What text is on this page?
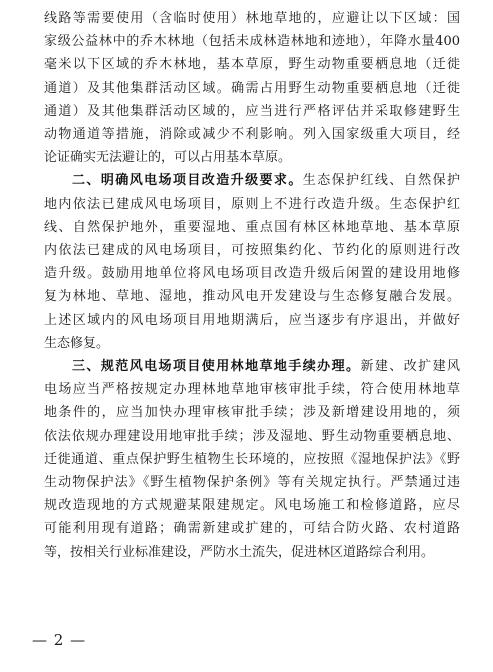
线路等需要使用（含临时使用）林地草地的，应避让以下区域：国
家级公益林中的乔木林地（包括未成林造林地和迹地），年降水量400
毫米以下区域的乔木林地，基本草原，野生动物重要栖息地（迁徙
通道）及其他集群活动区域。确需占用野生动物重要栖息地（迁徙
通道）及其他集群活动区域的，应当进行严格评估并采取修建野生
动物通道等措施，消除或减少不利影响。列入国家级重大项目，经
论证确实无法避让的，可以占用基本草原。
二、明确风电场项目改造升级要求。生态保护红线、自然保护
地内依法已建成风电场项目，原则上不进行改造升级。生态保护红
线、自然保护地外，重要湿地、重点国有林区林地草地、基本草原
内依法已建成的风电场项目，可按照集约化、节约化的原则进行改
造升级。鼓励用地单位将风电场项目改造升级后闲置的建设用地修
复为林地、草地、湿地，推动风电开发建设与生态修复融合发展。
上述区域内的风电场项目用地期满后，应当逐步有序退出，并做好
生态修复。
三、规范风电场项目使用林地草地手续办理。新建、改扩建风
电场应当严格按规定办理林地草地审核审批手续，符合使用林地草
— 2 —
地条件的，应当加快办理审核审批手续；涉及新增建设用地的，须
依法依规办理建设用地审批手续；涉及湿地、野生动物重要栖息地、
迁徙通道、重点保护野生植物生长环境的，应按照《湿地保护法》《野
生动物保护法》《野生植物保护条例》等有关规定执行。严禁通过违
规改造现地的方式规避某限建规定。风电场施工和检修道路，应尽
可能利用现有道路；确需新建或扩建的，可结合防火路、农村道路
等，按相关行业标准建设，严防水土流失，促进林区道路综合利用。
